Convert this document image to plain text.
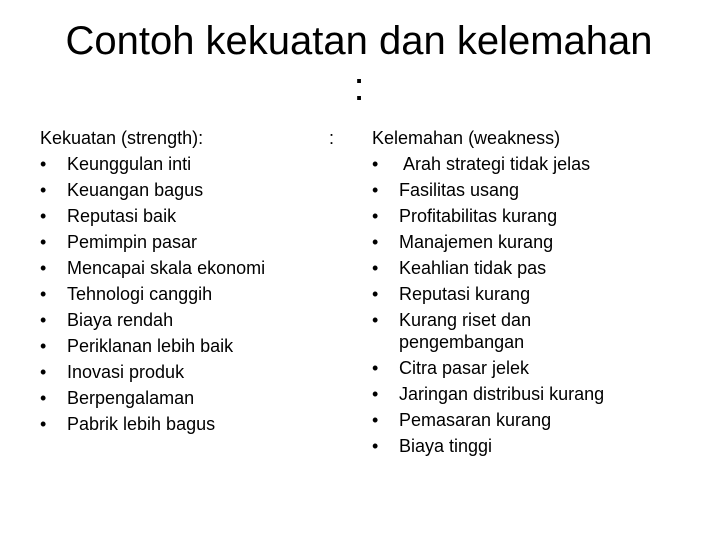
Contoh kekuatan dan kelemahan
:
Kekuatan (strength):
•	Keunggulan inti
•	Keuangan bagus
•	Reputasi baik
•	Pemimpin pasar
•	Mencapai skala ekonomi
•	Tehnologi canggih
•	Biaya rendah
•	Periklanan lebih baik
•	Inovasi produk
•	Berpengalaman
•	Pabrik lebih bagus
: Kelemahan (weakness)
•	Arah strategi tidak jelas
•	Fasilitas usang
•	Profitabilitas kurang
•	Manajemen kurang
•	Keahlian tidak pas
•	Reputasi kurang
•	Kurang riset dan pengembangan
•	Citra pasar jelek
•	Jaringan distribusi kurang
•	Pemasaran kurang
•	Biaya tinggi
